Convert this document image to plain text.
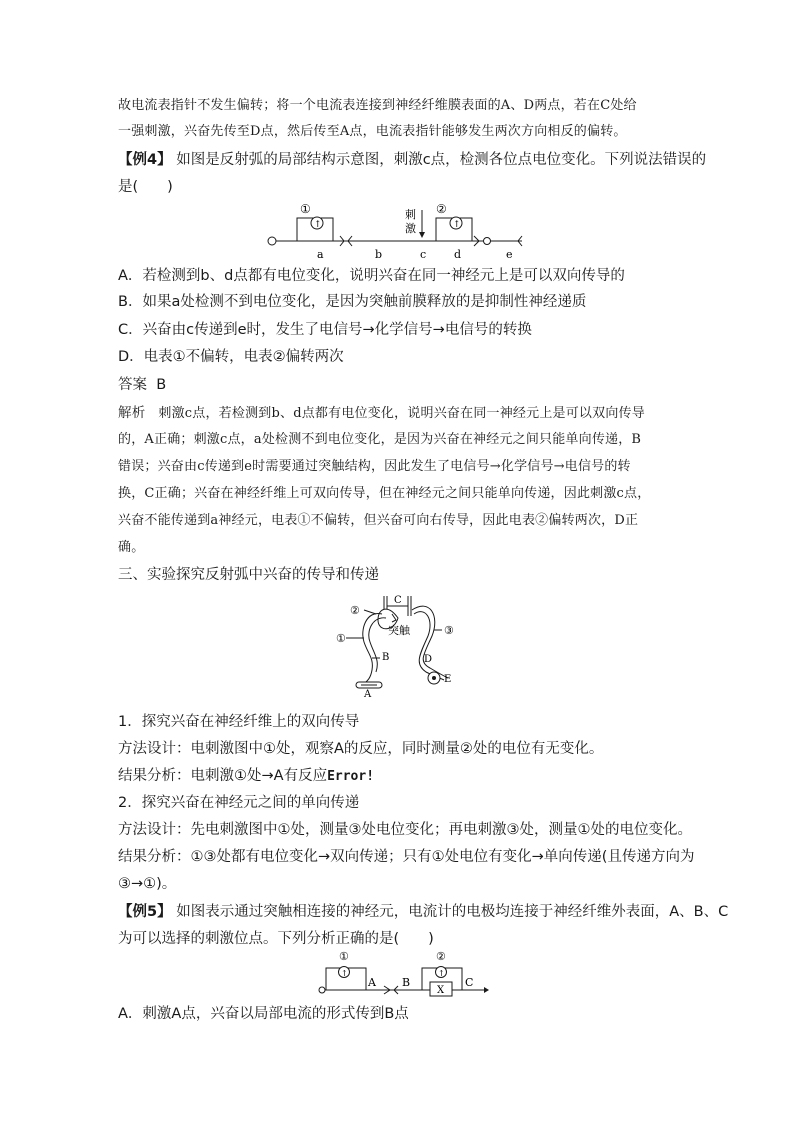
故电流表指针不发生偏转；将一个电流表连接到神经纤维膜表面的A、D两点，若在C处给
一强刺激，兴奋先传至D点，然后传至A点，电流表指针能够发生两次方向相反的偏转。
【例4】 如图是反射弧的局部结构示意图，刺激c点，检测各位点电位变化。下列说法错误的
是(　　)
①
↑
②
↑
刺
激
a	b	c	d	e
A．若检测到b、d点都有电位变化，说明兴奋在同一神经元上是可以双向传导的
B．如果a处检测不到电位变化，是因为突触前膜释放的是抑制性神经递质
C．兴奋由c传递到e时，发生了电信号→化学信号→电信号的转换
D．电表①不偏转，电表②偏转两次
答案 B
解析 刺激c点，若检测到b、d点都有电位变化，说明兴奋在同一神经元上是可以双向传导
的，A正确；刺激c点，a处检测不到电位变化，是因为兴奋在神经元之间只能单向传递，B
错误；兴奋由c传递到e时需要通过突触结构，因此发生了电信号→化学信号→电信号的转
换，C正确；兴奋在神经纤维上可双向传导，但在神经元之间只能单向传递，因此刺激c点，
兴奋不能传递到a神经元，电表①不偏转，但兴奋可向右传导，因此电表②偏转两次，D正
确。
三、实验探究反射弧中兴奋的传导和传递
C
突触
①
②
B
A
③
D
E
1．探究兴奋在神经纤维上的双向传导
方法设计：电刺激图中①处，观察A的反应，同时测量②处的电位有无变化。
结果分析：电刺激①处→A有反应Error!
2．探究兴奋在神经元之间的单向传递
方法设计：先电刺激图中①处，测量③处电位变化；再电刺激③处，测量①处的电位变化。
结果分析：①③处都有电位变化→双向传递；只有①处电位有变化→单向传递(且传递方向为
③→①)。
【例5】 如图表示通过突触相连接的神经元，电流计的电极均连接于神经纤维外表面，A、B、C
为可以选择的刺激位点。下列分析正确的是(　　)
①
↑
A B
②
↑
X
C
A．刺激A点，兴奋以局部电流的形式传到B点
